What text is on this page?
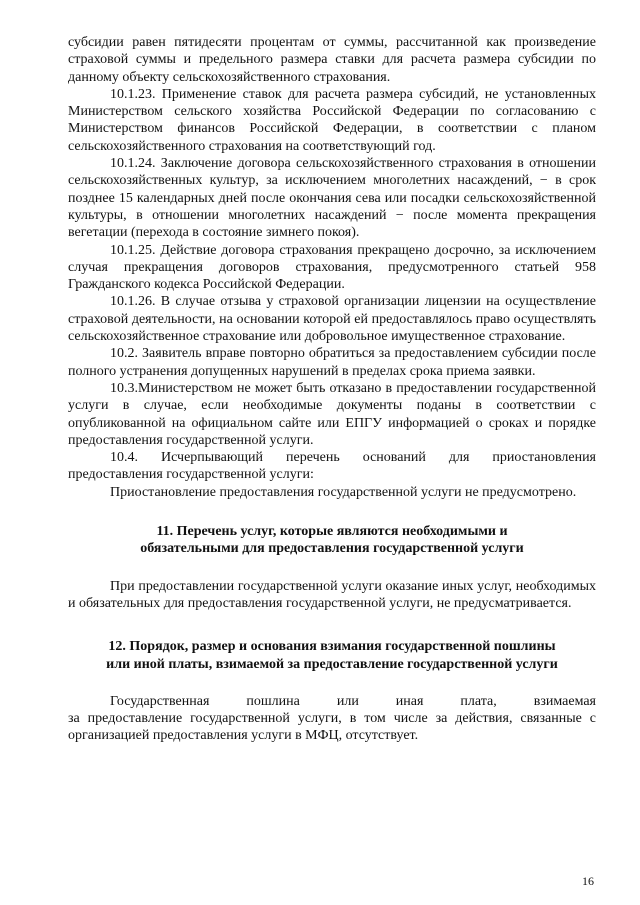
субсидии равен пятидесяти процентам от суммы, рассчитанной как произведение страховой суммы и предельного размера ставки для расчета размера субсидии по данному объекту сельскохозяйственного страхования.

10.1.23. Применение ставок для расчета размера субсидий, не установленных Министерством сельского хозяйства Российской Федерации по согласованию с Министерством финансов Российской Федерации, в соответствии с планом сельскохозяйственного страхования на соответствующий год.

10.1.24. Заключение договора сельскохозяйственного страхования в отношении сельскохозяйственных культур, за исключением многолетних насаждений, − в срок позднее 15 календарных дней после окончания сева или посадки сельскохозяйственной культуры, в отношении многолетних насаждений − после момента прекращения вегетации (перехода в состояние зимнего покоя).

10.1.25. Действие договора страхования прекращено досрочно, за исключением случая прекращения договоров страхования, предусмотренного статьей 958 Гражданского кодекса Российской Федерации.

10.1.26. В случае отзыва у страховой организации лицензии на осуществление страховой деятельности, на основании которой ей предоставлялось право осуществлять сельскохозяйственное страхование или добровольное имущественное страхование.

10.2. Заявитель вправе повторно обратиться за предоставлением субсидии после полного устранения допущенных нарушений в пределах срока приема заявки.

10.3.Министерством не может быть отказано в предоставлении государственной услуги в случае, если необходимые документы поданы в соответствии с опубликованной на официальном сайте или ЕПГУ информацией о сроках и порядке предоставления государственной услуги.

10.4. Исчерпывающий перечень оснований для приостановления предоставления государственной услуги:

Приостановление предоставления государственной услуги не предусмотрено.

11. Перечень услуг, которые являются необходимыми и

обязательными для предоставления государственной услуги

При предоставлении государственной услуги оказание иных услуг, необходимых и обязательных для предоставления государственной услуги, не предусматривается.

12. Порядок, размер и основания взимания государственной пошлины

или иной платы, взимаемой за предоставление государственной услуги

Государственная пошлина или иная плата, взимаемая

за предоставление государственной услуги, в том числе за действия, связанные с организацией предоставления услуги в МФЦ, отсутствует.

16
